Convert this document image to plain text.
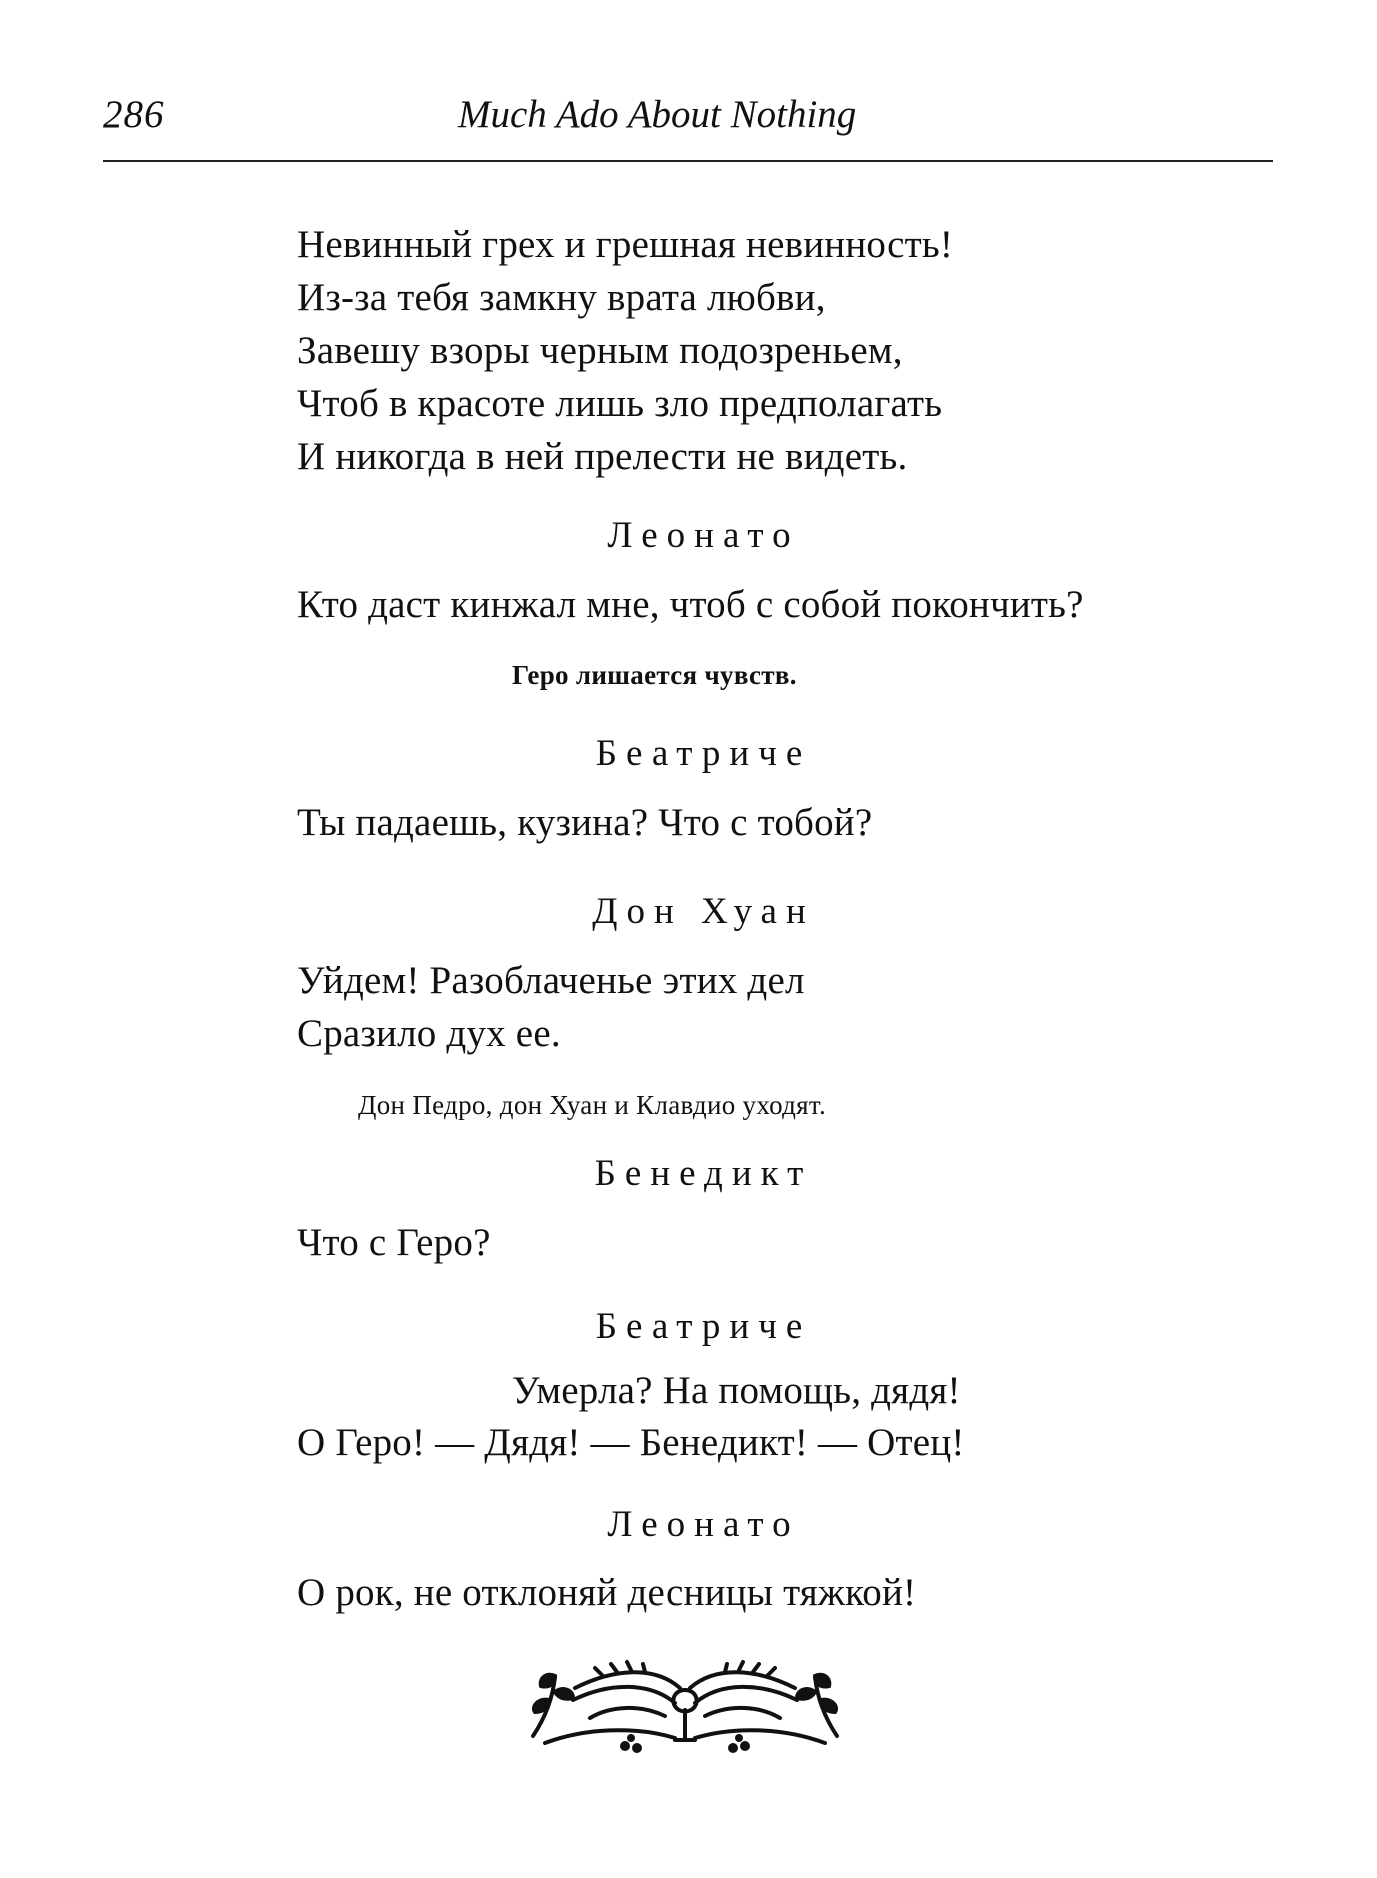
286	Much Ado About Nothing
Невинный грех и грешная невинность!
Из-за тебя замкну врата любви,
Завешу взоры черным подозреньем,
Чтоб в красоте лишь зло предполагать
И никогда в ней прелести не видеть.
Леонато
Кто даст кинжал мне, чтоб с собой покончить?
Геро лишается чувств.
Беатриче
Ты падаешь, кузина? Что с тобой?
Дон Хуан
Уйдем! Разоблаченье этих дел
Сразило дух ее.
Дон Педро, дон Хуан и Клавдио уходят.
Бенедикт
Что с Геро?
Беатриче
Умерла? На помощь, дядя!
О Геро! — Дядя! — Бенедикт! — Отец!
Леонато
О рок, не отклоняй десницы тяжкой!
